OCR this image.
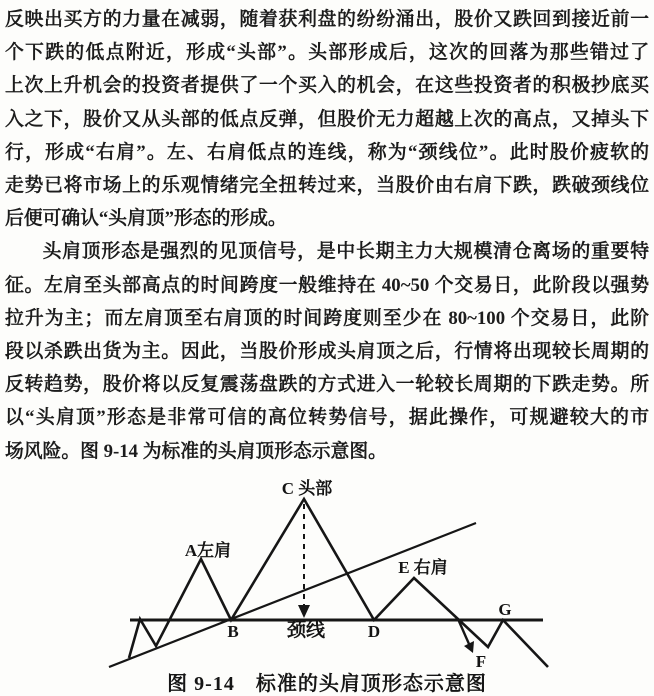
反映出买方的力量在减弱，随着获利盘的纷纷涌出，股价又跌回到接近前一
个下跌的低点附近，形成“头部”。头部形成后，这次的回落为那些错过了
上次上升机会的投资者提供了一个买入的机会，在这些投资者的积极抄底买
入之下，股价又从头部的低点反弹，但股价无力超越上次的高点，又掉头下
行，形成“右肩”。左、右肩低点的连线，称为“颈线位”。此时股价疲软的
走势已将市场上的乐观情绪完全扭转过来，当股价由右肩下跌，跌破颈线位
后便可确认“头肩顶”形态的形成。
头肩顶形态是强烈的见顶信号，是中长期主力大规模清仓离场的重要特
征。左肩至头部高点的时间跨度一般维持在 40~50 个交易日，此阶段以强势
拉升为主；而左肩顶至右肩顶的时间跨度则至少在 80~100 个交易日，此阶
段以杀跌出货为主。因此，当股价形成头肩顶之后，行情将出现较长周期的
反转趋势，股价将以反复震荡盘跌的方式进入一轮较长周期的下跌走势。所
以“头肩顶”形态是非常可信的高位转势信号，据此操作，可规避较大的市
场风险。图 9-14 为标准的头肩顶形态示意图。
A左肩
C 头部
E 右肩
B	颈线	D
G
F
图 9-14　标准的头肩顶形态示意图
